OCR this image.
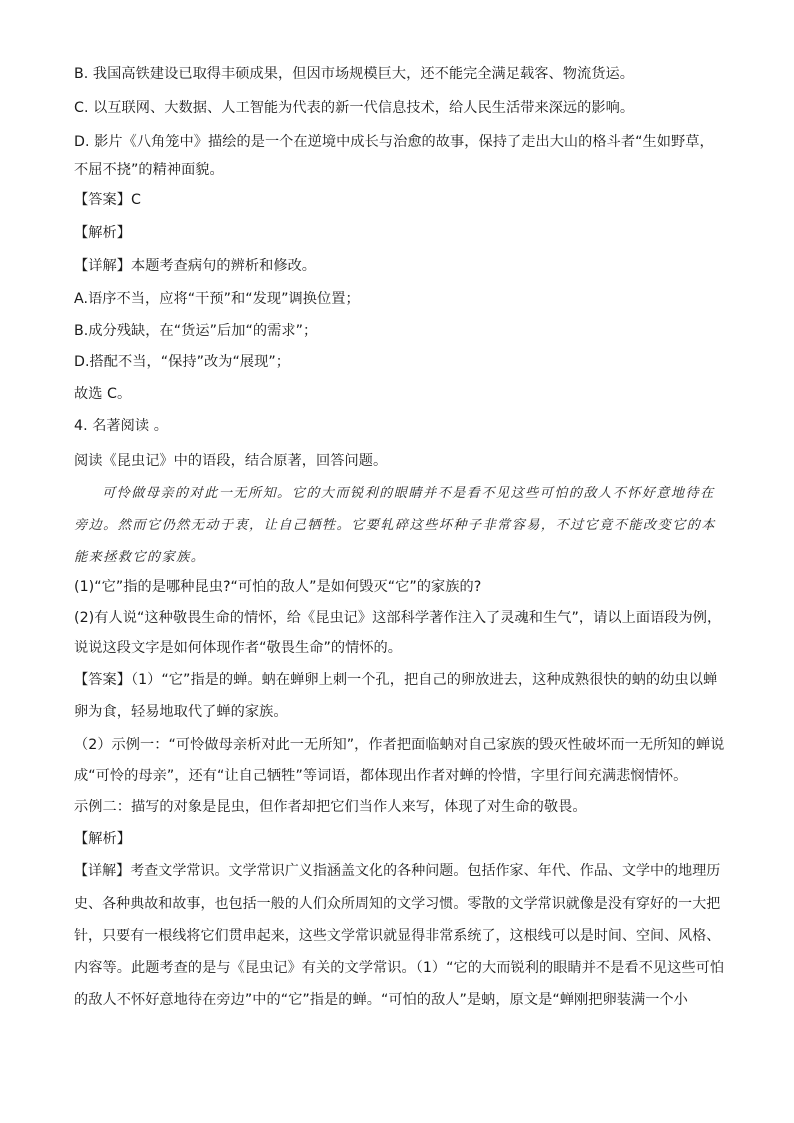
B. 我国高铁建设已取得丰硕成果，但因市场规模巨大，还不能完全满足载客、物流货运。
C. 以互联网、大数据、人工智能为代表的新一代信息技术，给人民生活带来深远的影响。
D. 影片《八角笼中》描绘的是一个在逆境中成长与治愈的故事，保持了走出大山的格斗者“生如野草，
不屈不挠”的精神面貌。
【答案】C
【解析】
【详解】本题考查病句的辨析和修改。
A.语序不当，应将“干预”和“发现”调换位置；
B.成分残缺，在“货运”后加“的需求”；
D.搭配不当，“保持”改为“展现”；
故选 C。
4. 名著阅读 。
阅读《昆虫记》中的语段，结合原著，回答问题。
可怜做母亲的对此一无所知。它的大而锐利的眼睛并不是看不见这些可怕的敌人不怀好意地待在旁边。然而它仍然无动于衷，让自己牺牲。它要轧碎这些坏种子非常容易，不过它竟不能改变它的本能来拯救它的家族。
(1)“它”指的是哪种昆虫?“可怕的敌人”是如何毁灭“它”的家族的?
(2)有人说“这种敬畏生命的情怀，给《昆虫记》这部科学著作注入了灵魂和生气”，请以上面语段为例，
说说这段文字是如何体现作者“敬畏生命”的情怀的。
【答案】（1）“它”指是的蝉。蚋在蝉卵上刺一个孔，把自己的卵放进去，这种成熟很快的蚋的幼虫以蝉
卵为食，轻易地取代了蝉的家族。
（2）示例一：“可怜做母亲析对此一无所知”，作者把面临蚋对自己家族的毁灭性破坏而一无所知的蝉说
成“可怜的母亲”，还有“让自己牺牲”等词语，都体现出作者对蝉的怜惜，字里行间充满悲悯情怀。
示例二：描写的对象是昆虫，但作者却把它们当作人来写，体现了对生命的敬畏。
【解析】
【详解】考查文学常识。文学常识广义指涵盖文化的各种问题。包括作家、年代、作品、文学中的地理历
史、各种典故和故事，也包括一般的人们众所周知的文学习惯。零散的文学常识就像是没有穿好的一大把
针，只要有一根线将它们贯串起来，这些文学常识就显得非常系统了，这根线可以是时间、空间、风格、
内容等。此题考查的是与《昆虫记》有关的文学常识。（1）“它的大而锐利的眼睛并不是看不见这些可怕
的敌人不怀好意地待在旁边”中的“它”指是的蝉。“可怕的敌人”是蚋，原文是“蝉刚把卵装满一个小
